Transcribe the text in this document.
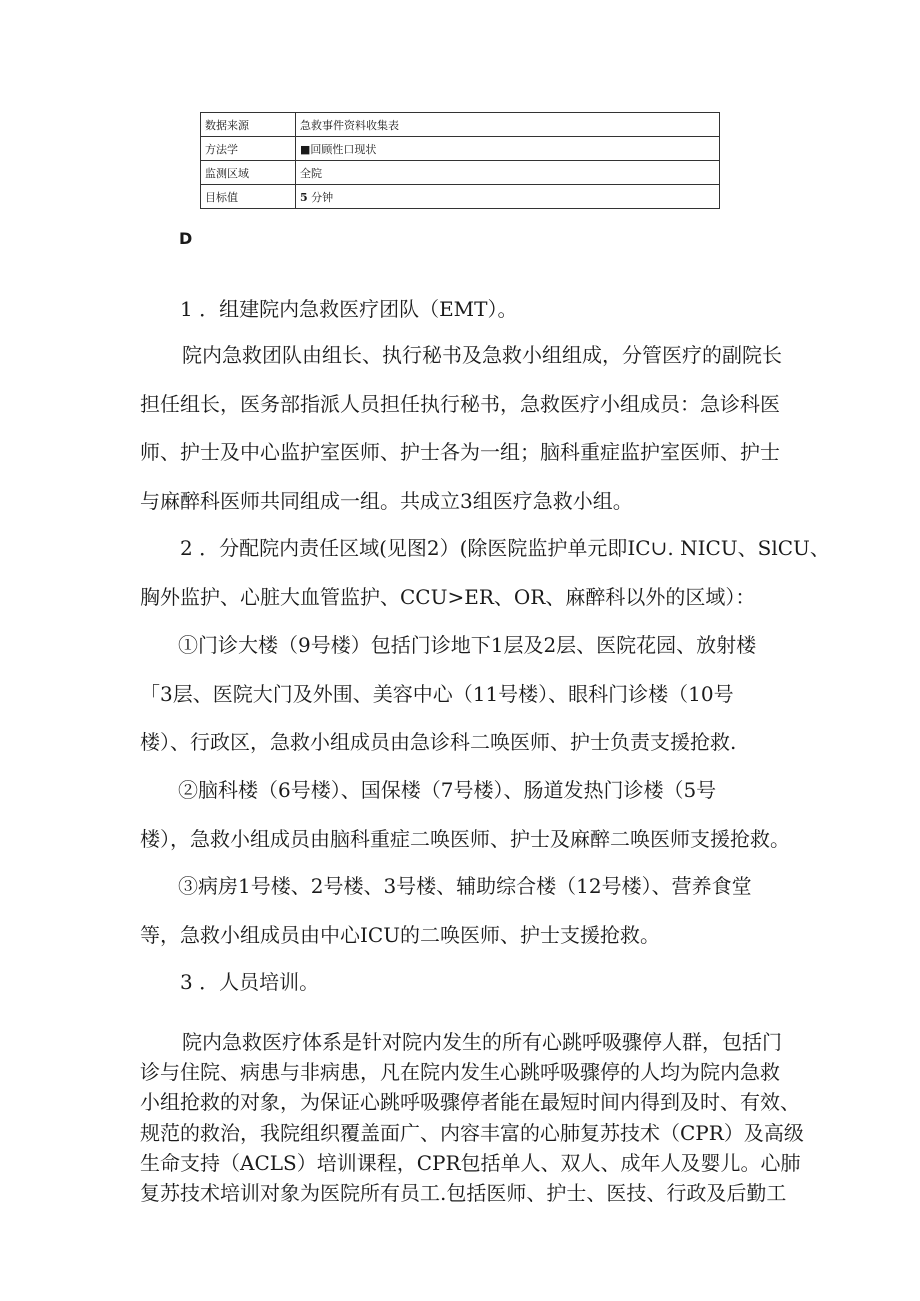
数据来源	急救事件资料收集表
方法学	■回顾性口现状
监测区域	全院
目标值	5 分钟
D
1 ．组建院内急救医疗团队（EMT）。
院内急救团队由组长、执行秘书及急救小组组成，分管医疗的副院长
担任组长，医务部指派人员担任执行秘书，急救医疗小组成员：急诊科医
师、护士及中心监护室医师、护士各为一组；脑科重症监护室医师、护士
与麻醉科医师共同组成一组。共成立3组医疗急救小组。
2 ．分配院内责任区域(见图2）(除医院监护单元即IC∪. NICU、SlCU、
胸外监护、心脏大血管监护、CCU>ER、OR、麻醉科以外的区域）：
①门诊大楼（9号楼）包括门诊地下1层及2层、医院花园、放射楼
「3层、医院大门及外围、美容中心（11号楼）、眼科门诊楼（10号
楼）、行政区，急救小组成员由急诊科二唤医师、护士负责支援抢救.
②脑科楼（6号楼）、国保楼（7号楼）、肠道发热门诊楼（5号
楼），急救小组成员由脑科重症二唤医师、护士及麻醉二唤医师支援抢救。
③病房1号楼、2号楼、3号楼、辅助综合楼（12号楼）、营养食堂
等，急救小组成员由中心ICU的二唤医师、护士支援抢救。
3 ．人员培训。
院内急救医疗体系是针对院内发生的所有心跳呼吸骤停人群，包括门
诊与住院、病患与非病患，凡在院内发生心跳呼吸骤停的人均为院内急救
小组抢救的对象，为保证心跳呼吸骤停者能在最短时间内得到及时、有效、
规范的救治，我院组织覆盖面广、内容丰富的心肺复苏技术（CPR）及高级
生命支持（ACLS）培训课程，CPR包括单人、双人、成年人及婴儿。心肺
复苏技术培训对象为医院所有员工.包括医师、护士、医技、行政及后勤工
